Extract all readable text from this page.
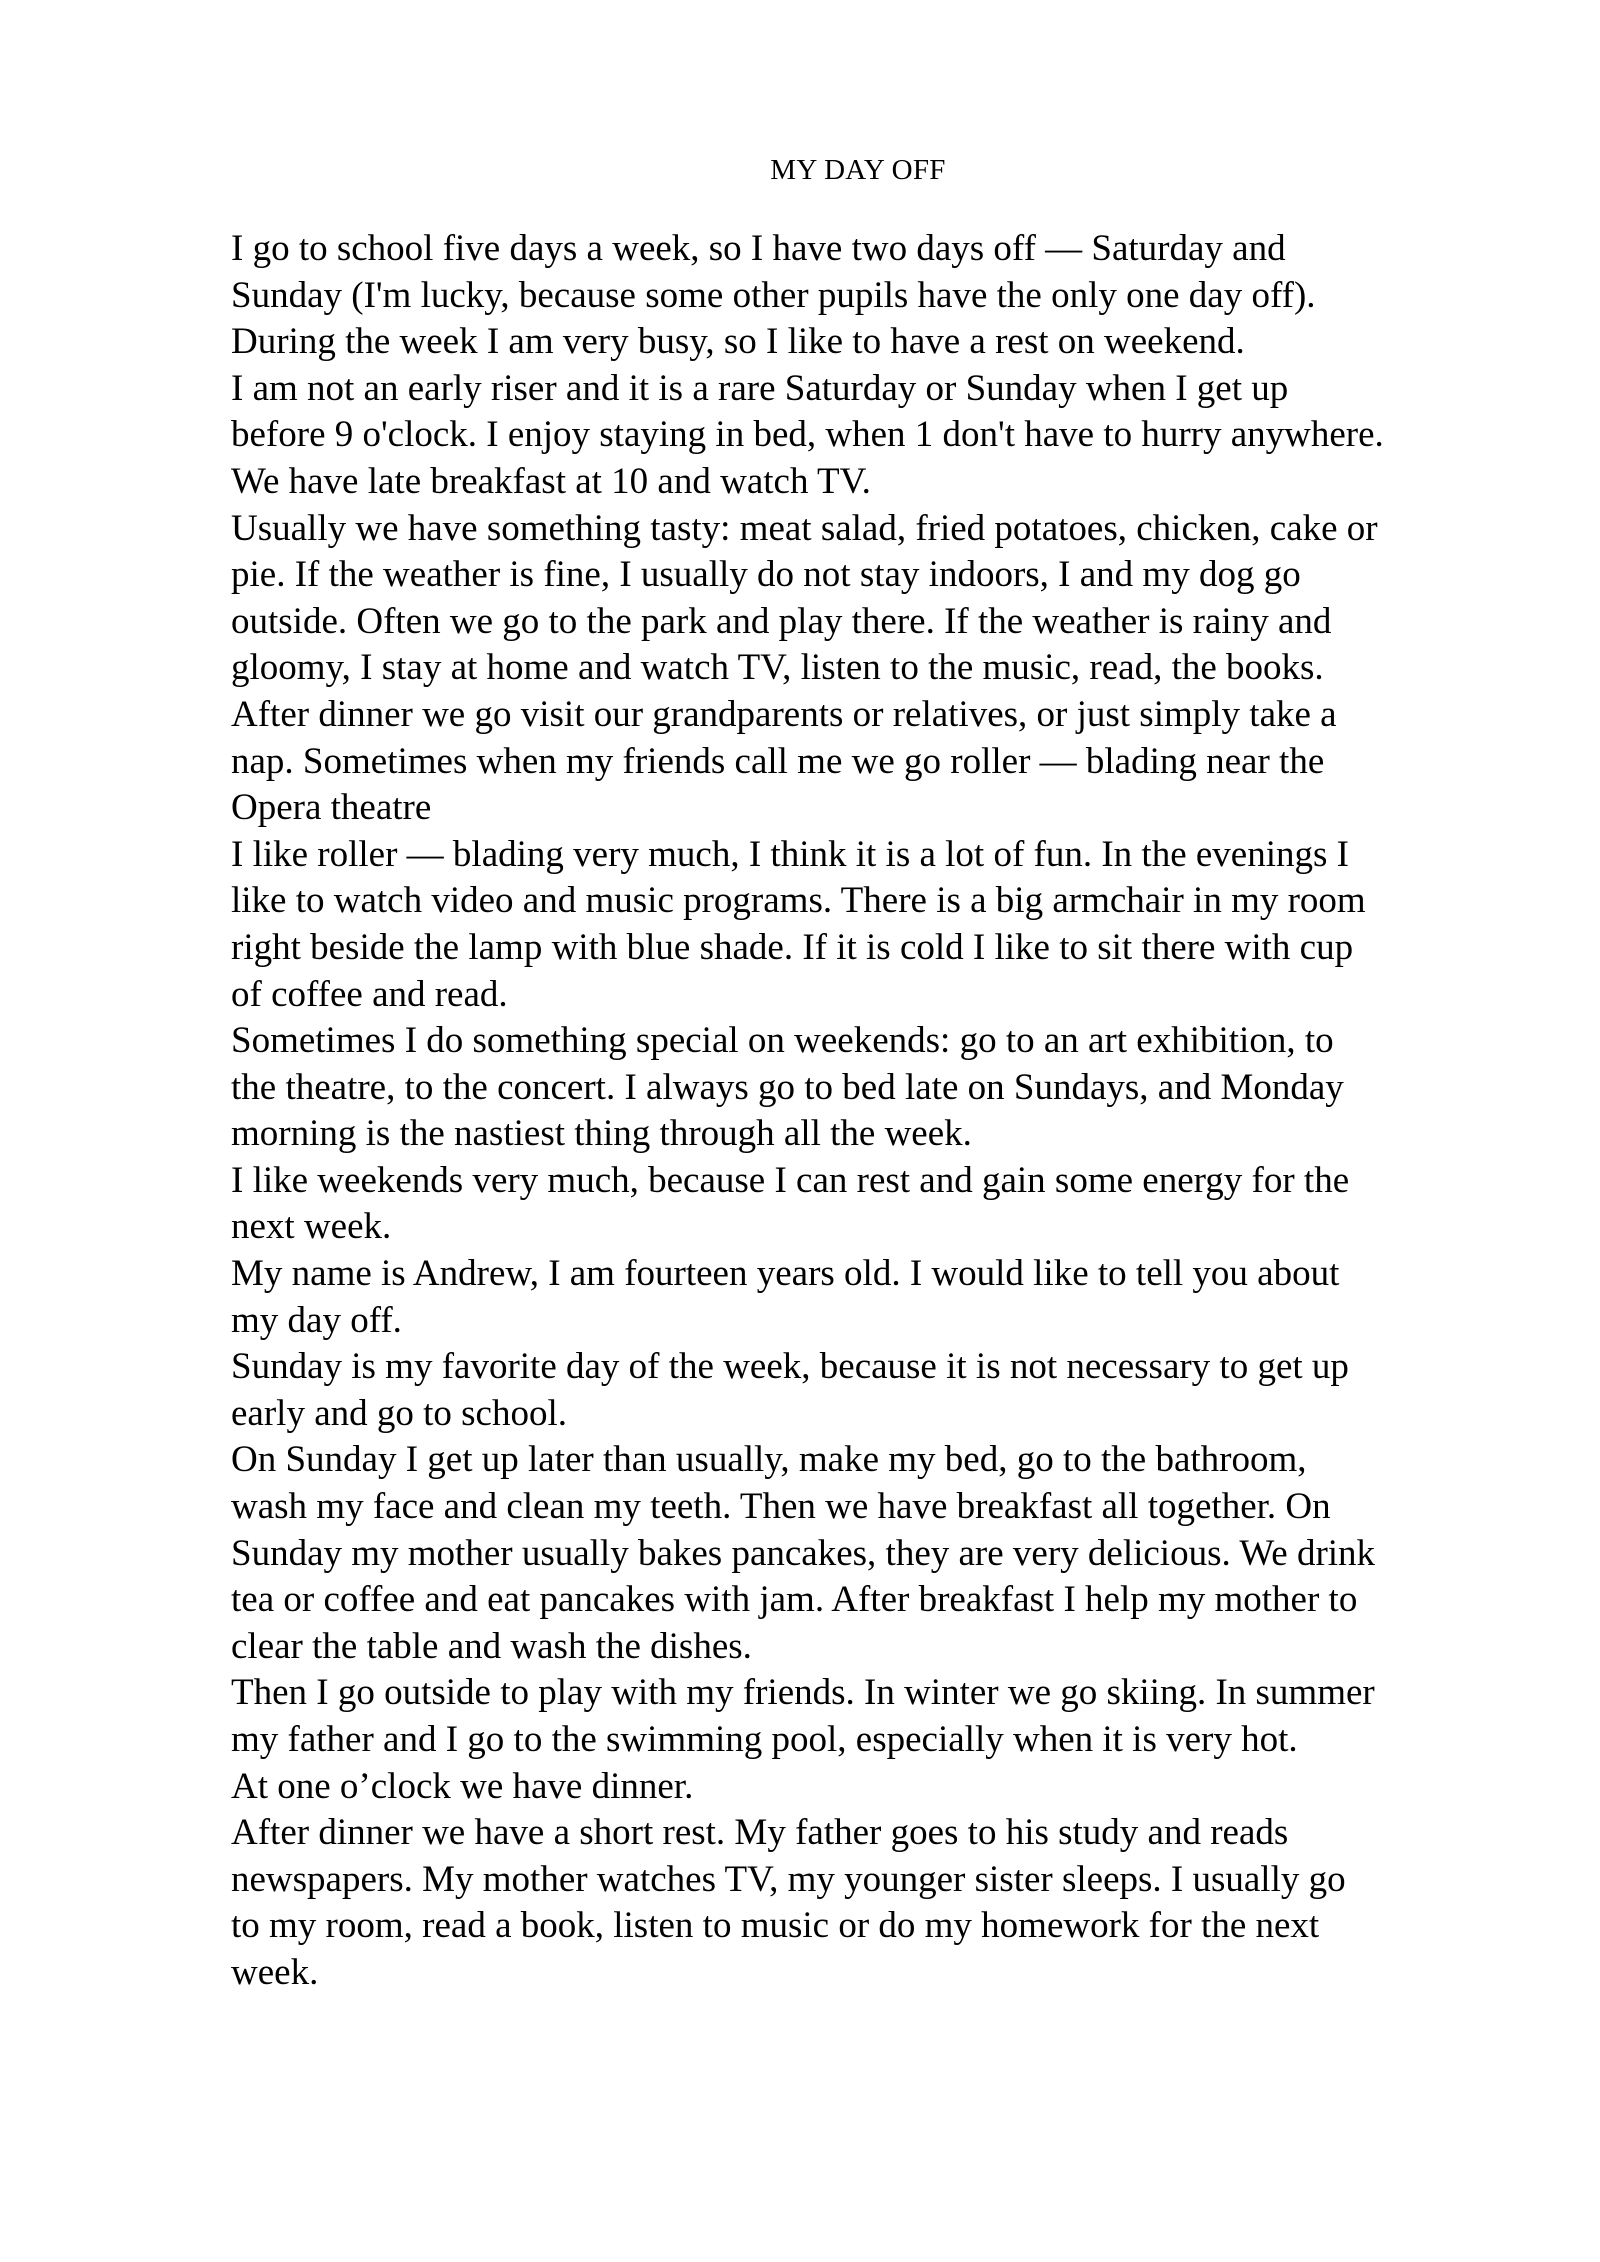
MY DAY OFF

I go to school five days a week, so I have two days off — Saturday and
Sunday (I'm lucky, because some other pupils have the only one day off).
During the week I am very busy, so I like to have a rest on weekend.

I am not an early riser and it is a rare Saturday or Sunday when I get up
before 9 o'clock. I enjoy staying in bed, when 1 don't have to hurry anywhere.
We have late breakfast at 10 and watch TV.

Usually we have something tasty: meat salad, fried potatoes, chicken, cake or
pie. If the weather is fine, I usually do not stay indoors, I and my dog go
outside. Often we go to the park and play there. If the weather is rainy and
gloomy, I stay at home and watch TV, listen to the music, read, the books.
After dinner we go visit our grandparents or relatives, or just simply take a
nap. Sometimes when my friends call me we go roller — blading near the
Opera theatre

I like roller — blading very much, I think it is a lot of fun. In the evenings I
like to watch video and music programs. There is a big armchair in my room
right beside the lamp with blue shade. If it is cold I like to sit there with cup
of coffee and read.

Sometimes I do something special on weekends: go to an art exhibition, to
the theatre, to the concert. I always go to bed late on Sundays, and Monday
morning is the nastiest thing through all the week.

I like weekends very much, because I can rest and gain some energy for the
next week.

My name is Andrew, I am fourteen years old. I would like to tell you about
my day off.

Sunday is my favorite day of the week, because it is not necessary to get up
early and go to school.

On Sunday I get up later than usually, make my bed, go to the bathroom,
wash my face and clean my teeth. Then we have breakfast all together. On
Sunday my mother usually bakes pancakes, they are very delicious. We drink
tea or coffee and eat pancakes with jam. After breakfast I help my mother to
clear the table and wash the dishes.

Then I go outside to play with my friends. In winter we go skiing. In summer
my father and I go to the swimming pool, especially when it is very hot.

At one o’clock we have dinner.

After dinner we have a short rest. My father goes to his study and reads
newspapers. My mother watches TV, my younger sister sleeps. I usually go
to my room, read a book, listen to music or do my homework for the next
week.
